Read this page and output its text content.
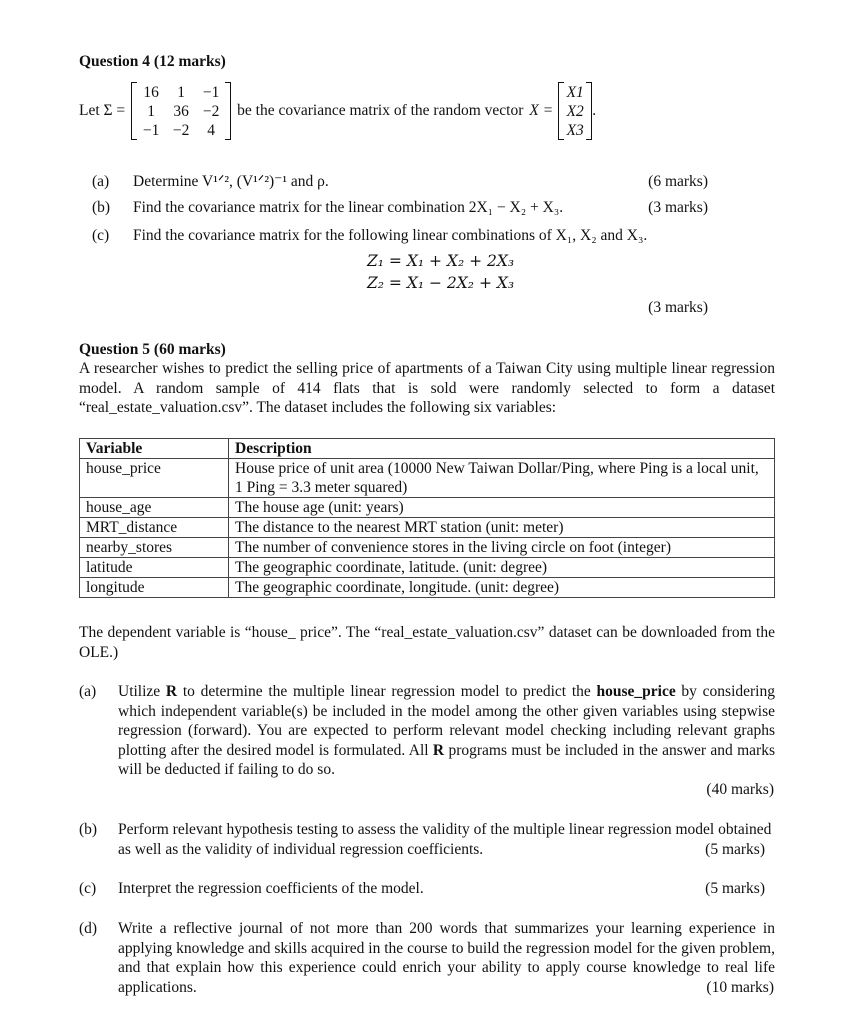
Question 4 (12 marks)
Let Σ =
16	1	−1
1	36 −2
−1 −2	4
be the covariance matrix of the random vector X =
X1
X2
X3
.
(a) Determine V¹ᐟ², (V¹ᐟ²)⁻¹ and ρ.	(6 marks)
(b) Find the covariance matrix for the linear combination 2X₁ − X₂ + X₃.	(3 marks)
(c) Find the covariance matrix for the following linear combinations of X₁, X₂ and X₃.
Z₁ = X₁ + X₂ + 2X₃
Z₂ = X₁ − 2X₂ + X₃
(3 marks)
Question 5 (60 marks)
A researcher wishes to predict the selling price of apartments of a Taiwan City using multiple linear regression model. A random sample of 414 flats that is sold were randomly selected to form a dataset “real_estate_valuation.csv”. The dataset includes the following six variables:
Variable	Description
house_price	House price of unit area (10000 New Taiwan Dollar/Ping, where Ping is a local unit, 1 Ping = 3.3 meter squared)
house_age	The house age (unit: years)
MRT_distance	The distance to the nearest MRT station (unit: meter)
nearby_stores	The number of convenience stores in the living circle on foot (integer)
latitude	The geographic coordinate, latitude. (unit: degree)
longitude	The geographic coordinate, longitude. (unit: degree)
The dependent variable is “house_ price”. The “real_estate_valuation.csv” dataset can be downloaded from the OLE.)
(a) Utilize R to determine the multiple linear regression model to predict the house_price by considering which independent variable(s) be included in the model among the other given variables using stepwise regression (forward). You are expected to perform relevant model checking including relevant graphs plotting after the desired model is formulated. All R programs must be included in the answer and marks will be deducted if failing to do so.
(40 marks)
(b) Perform relevant hypothesis testing to assess the validity of the multiple linear regression model obtained as well as the validity of individual regression coefficients.	(5 marks)
(c) Interpret the regression coefficients of the model.	(5 marks)
(d) Write a reflective journal of not more than 200 words that summarizes your learning experience in applying knowledge and skills acquired in the course to build the regression model for the given problem, and that explain how this experience could enrich your ability to apply course knowledge to real life applications.	(10 marks)
